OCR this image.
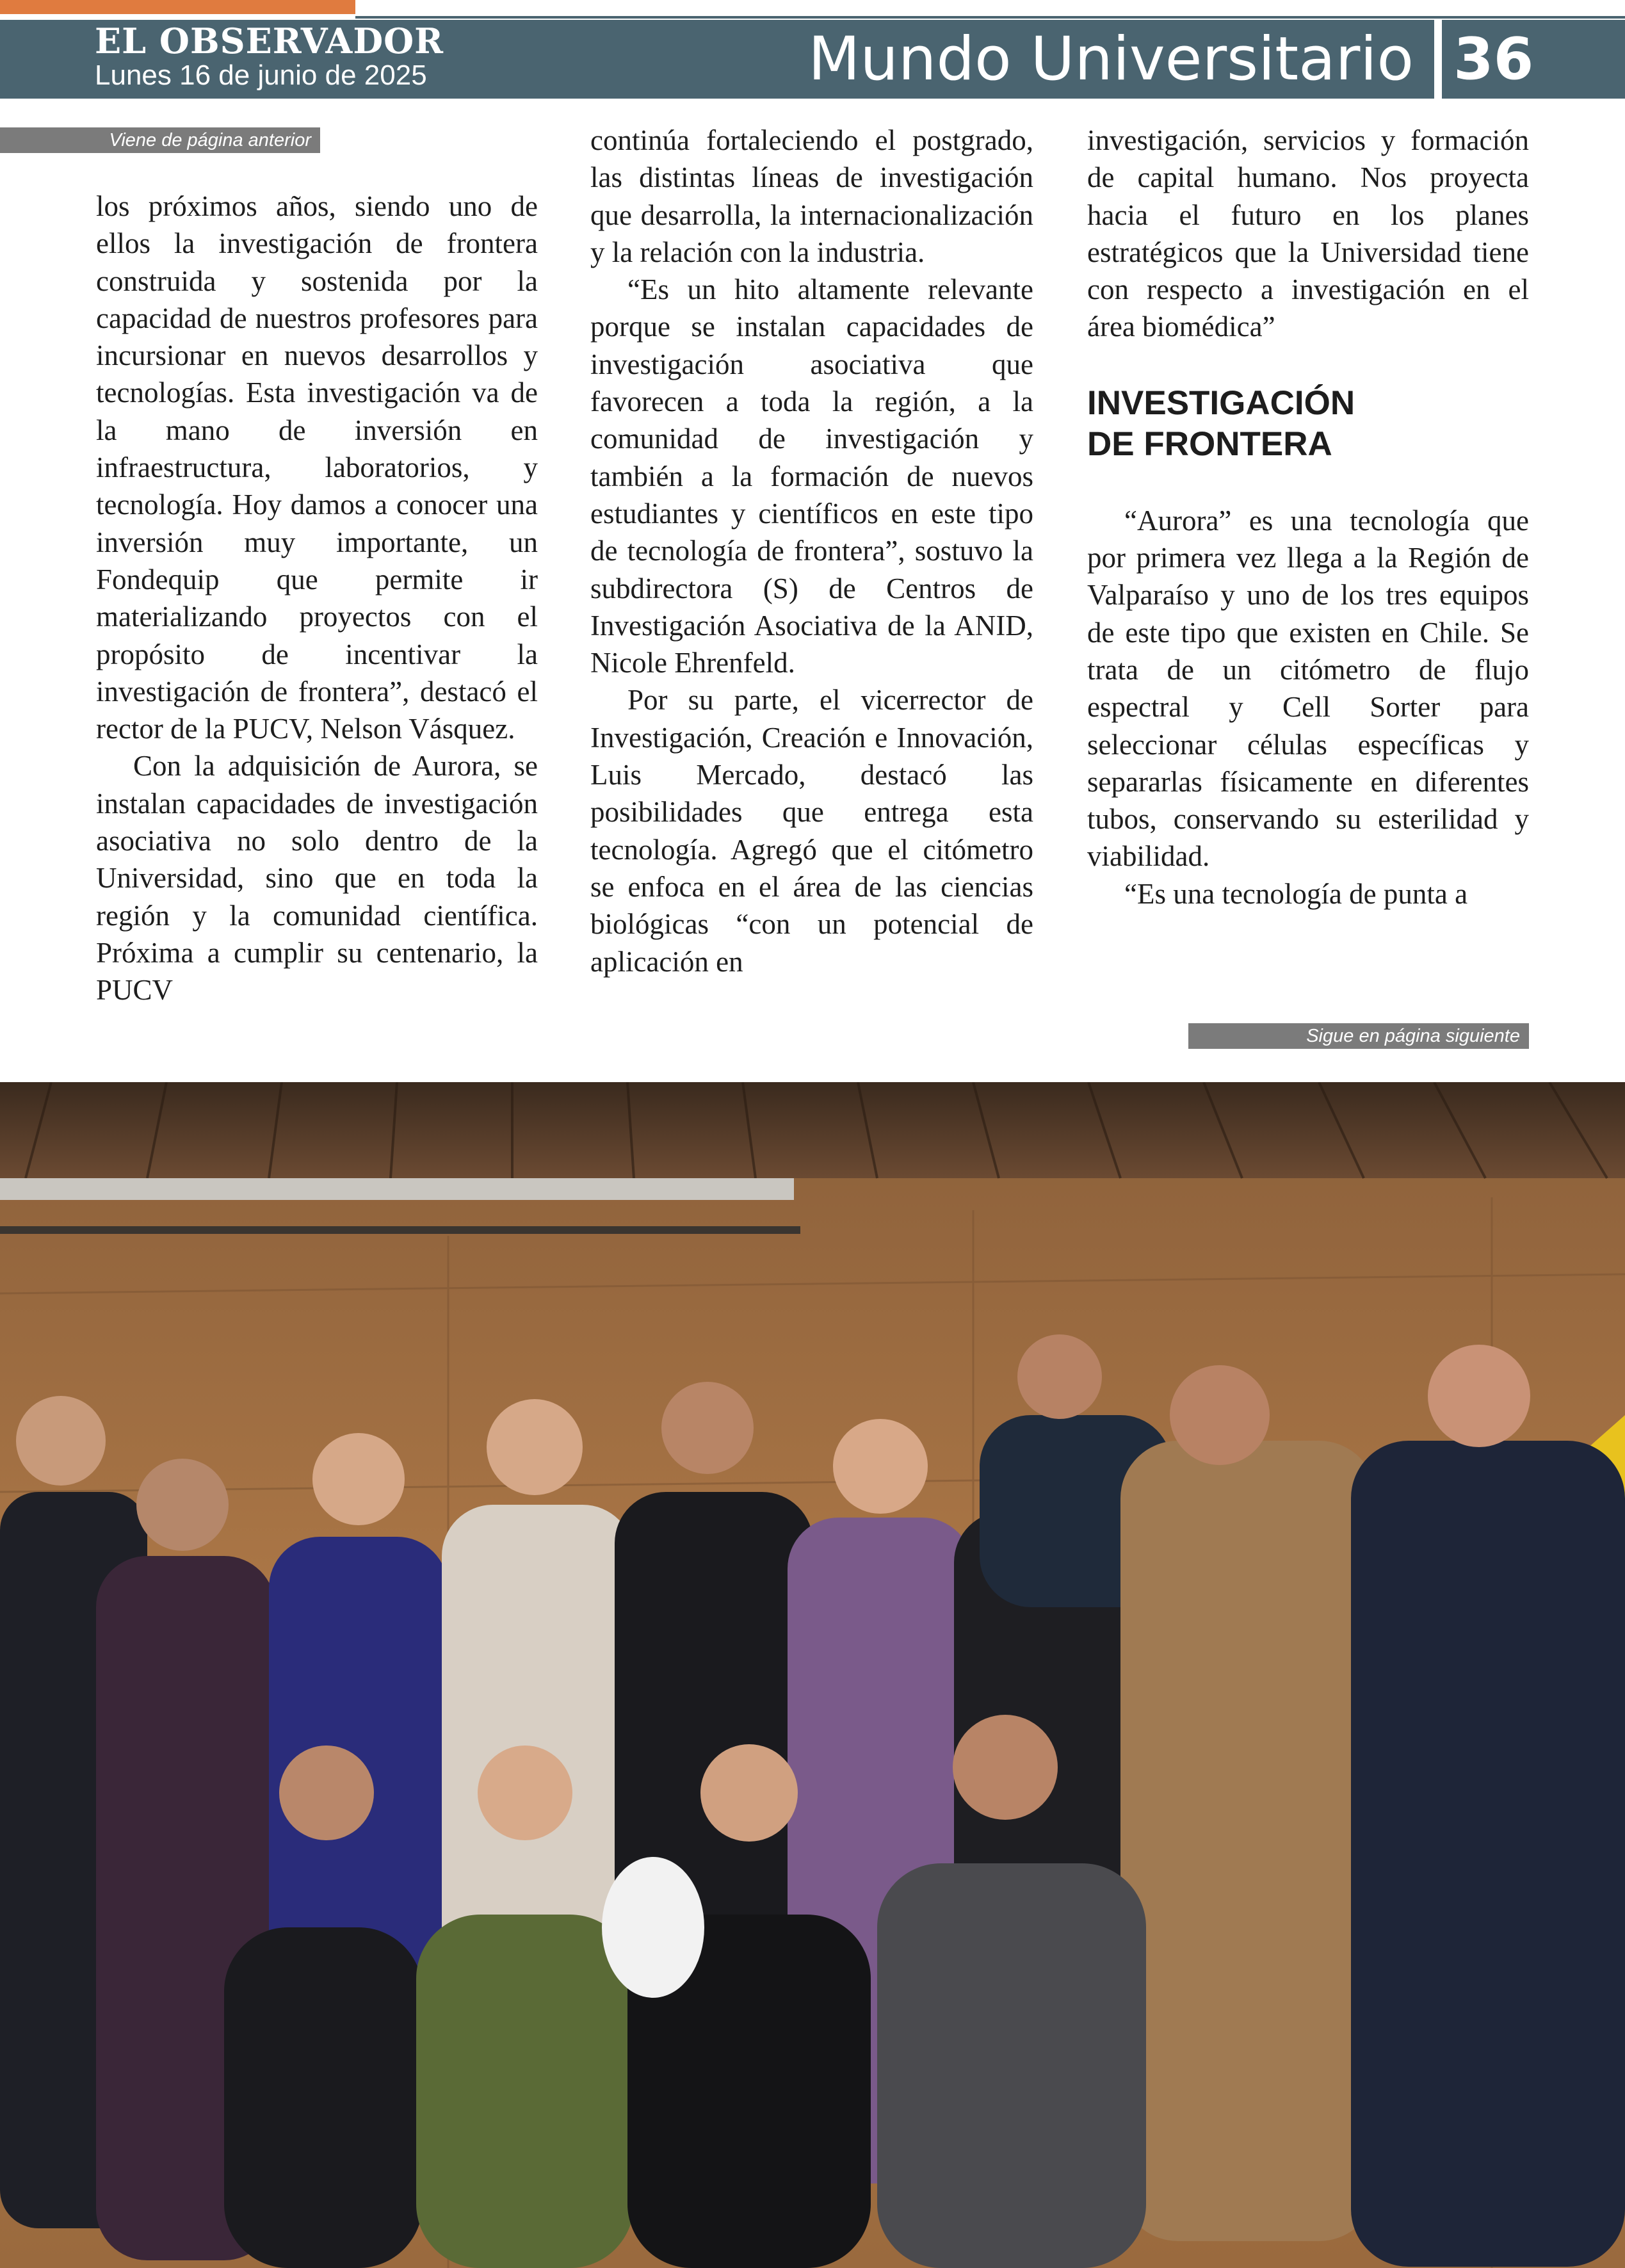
EL OBSERVADOR
Lunes 16 de junio de 2025	Mundo Universitario 36
Viene de página anterior

los próximos años, siendo uno de ellos la investigación de frontera construida y sostenida por la capacidad de nuestros profesores para incursionar en nuevos desarrollos y tecnologías. Esta investigación va de la mano de inversión en infraestructura, laboratorios, y tecnología. Hoy damos a conocer una inversión muy importante, un Fondequip que permite ir materializando proyectos con el propósito de incentivar la investigación de frontera”, destacó el rector de la PUCV, Nelson Vásquez.

Con la adquisición de Aurora, se instalan capacidades de investigación asociativa no solo dentro de la Universidad, sino que en toda la región y la comunidad científica. Próxima a cumplir su centenario, la PUCV

continúa fortaleciendo el postgrado, las distintas líneas de investigación que desarrolla, la internacionalización y la relación con la industria.

“Es un hito altamente relevante porque se instalan capacidades de investigación asociativa que favorecen a toda la región, a la comunidad de investigación y también a la formación de nuevos estudiantes y científicos en este tipo de tecnología de frontera”, sostuvo la subdirectora (S) de Centros de Investigación Asociativa de la ANID, Nicole Ehrenfeld.

Por su parte, el vicerrector de Investigación, Creación e Innovación, Luis Mercado, destacó las posibilidades que entrega esta tecnología. Agregó que el citómetro se enfoca en el área de las ciencias biológicas “con un potencial de aplicación en

investigación, servicios y formación de capital humano. Nos proyecta hacia el futuro en los planes estratégicos que la Universidad tiene con respecto a investigación en el área biomédica”

INVESTIGACIÓN
DE FRONTERA

“Aurora” es una tecnología que por primera vez llega a la Región de Valparaíso y uno de los tres equipos de este tipo que existen en Chile. Se trata de un citómetro de flujo espectral y Cell Sorter para seleccionar células específicas y separarlas físicamente en diferentes tubos, conservando su esterilidad y viabilidad.

“Es una tecnología de punta a

Sigue en página siguiente
